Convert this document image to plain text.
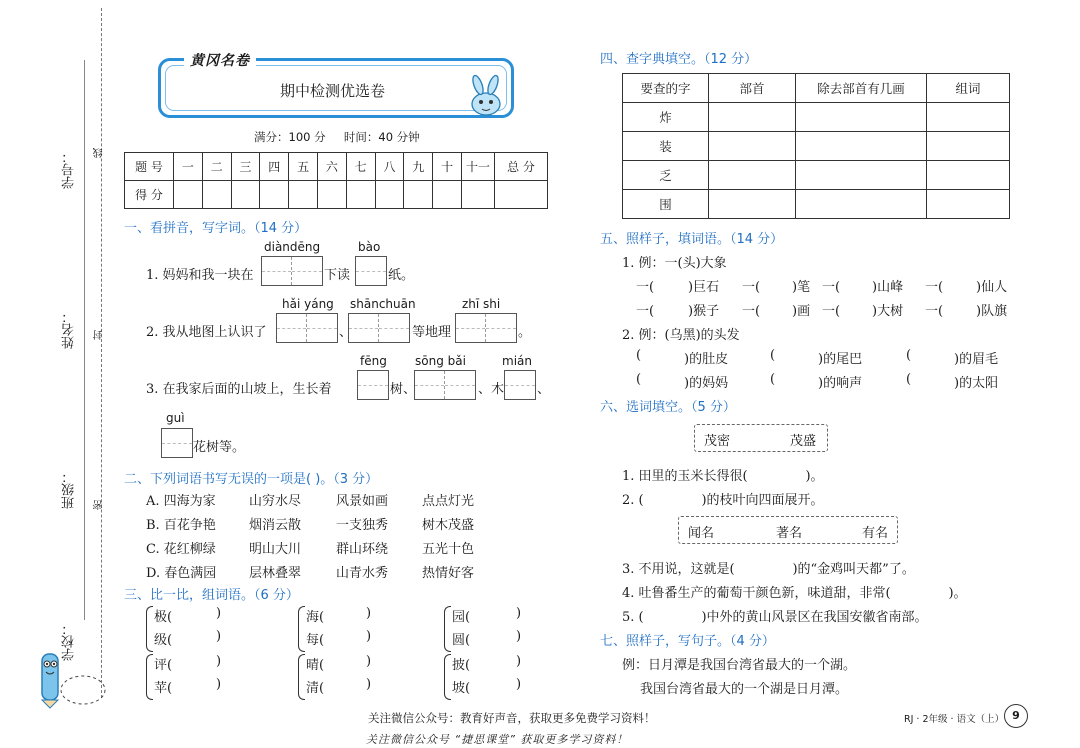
学号：
姓名：
班级：
学校：
线
封
密
黄冈名卷
期中检测优选卷
满分：100 分     时间：40 分钟
题 号	一	二	三	四	五	六	七	八	九	十	十一	总 分
得 分												
一、看拼音，写字词。（14 分）
diàndēng	bào
1. 妈妈和我一块在	下读	纸。
hǎi yáng shānchuān	zhī shi
2. 我从地图上认识了	、	等地理	。
fēng sōng bǎi	mián
3. 在我家后面的山坡上，生长着	树、	、木	、
guì
花树等。
二、下列词语书写无误的一项是( )。（3 分）
A. 四海为家	山穷水尽	风景如画	点点灯光
B. 百花争艳	烟消云散	一支独秀	树木茂盛
C. 花红柳绿	明山大川	群山环绕	五光十色
D. 春色满园	层林叠翠	山青水秀	热情好客
三、比一比，组词语。（6 分）
极(	)
级(	)
海(	)
每(	)
园(	)
圆(	)
评(	)
苹(	)
晴(	)
清(	)
披(	)
坡(	)
四、查字典填空。（12 分）
要查的字	部首	除去部首有几画	组词
炸			
装			
乏			
围			
五、照样子，填词语。（14 分）
1. 例：一(头)大象
一(	)巨石 一( )笔 一( )山峰 一(	)仙人
一(	)猴子 一( )画 一( )大树 一(	)队旗
2. 例：(乌黑)的头发
(	)的肚皮	(	)的尾巴	(	)的眉毛
(	)的妈妈	(	)的响声	(	)的太阳
六、选词填空。（5 分）
茂密	茂盛
1. 田里的玉米长得很(              )。
2. (              )的枝叶向四面展开。
闻名	著名	有名
3. 不用说，这就是(              )的“金鸡叫天都”了。
4. 吐鲁番生产的葡萄干颜色新，味道甜，非常(              )。
5. (              )中外的黄山风景区在我国安徽省南部。
七、照样子，写句子。（4 分）
例：日月潭是我国台湾省最大的一个湖。
我国台湾省最大的一个湖是日月潭。
关注微信公众号：教育好声音，获取更多免费学习资料！	RJ · 2年级 · 语文（上） 9
关注微信公众号 “捷思课堂” 获取更多学习资料！
